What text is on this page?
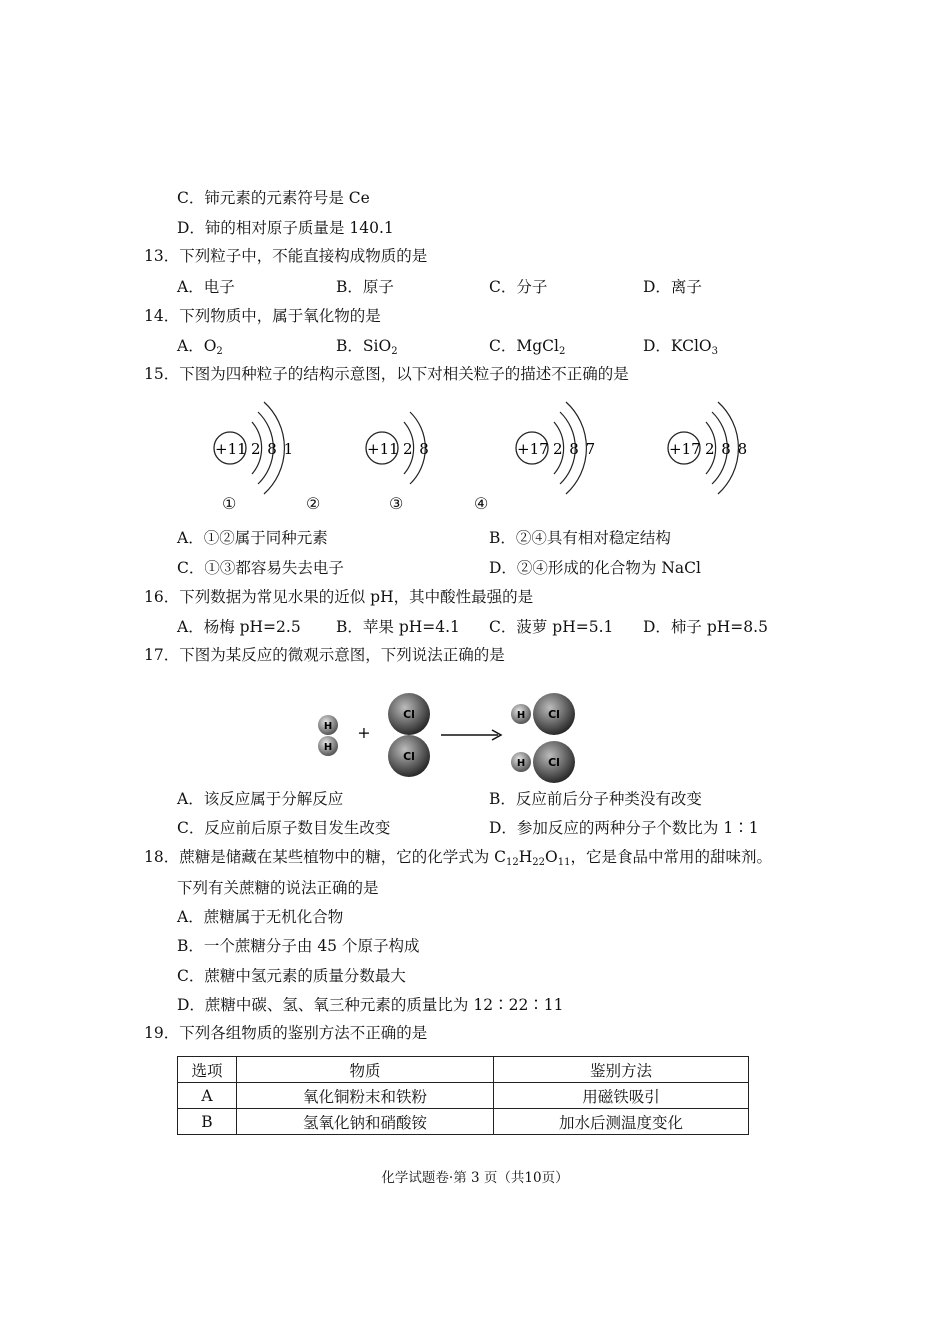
C．铈元素的元素符号是 Ce
D．铈的相对原子质量是 140.1
13．下列粒子中，不能直接构成物质的是
A．电子	B．原子	C．分子	D．离子
14．下列物质中，属于氧化物的是
A．$O_2$	B．SiO$_2$	C．MgCl$_2$	D．KClO$_3$
15．下图为四种粒子的结构示意图，以下对相关粒子的描述不正确的是
+11 2 8 1	+11 2 8	+17 2 8 7	+17 2 8 8
①	②	③	④
A．①②属于同种元素	B．②④具有相对稳定结构
C．①③都容易失去电子	D．②④形成的化合物为 NaCl
16．下列数据为常见水果的近似 pH，其中酸性最强的是
A．杨梅 pH=2.5 B．苹果 pH=4.1 C．菠萝 pH=5.1 D．柿子 pH=8.5
17．下图为某反应的微观示意图，下列说法正确的是
H
H
+
Cl
Cl
H Cl
H Cl
A．该反应属于分解反应	B．反应前后分子种类没有改变
C．反应前后原子数目发生改变	D．参加反应的两种分子个数比为 1∶1
18．蔗糖是储藏在某些植物中的糖，它的化学式为 $C_{12}H_{22}O_{11}$，它是食品中常用的甜味剂。
下列有关蔗糖的说法正确的是
A．蔗糖属于无机化合物
B．一个蔗糖分子由 45 个原子构成
C．蔗糖中氢元素的质量分数最大
D．蔗糖中碳、氢、氧三种元素的质量比为 12∶22∶11
19．下列各组物质的鉴别方法不正确的是
选项	物质	鉴别方法
A	氧化铜粉末和铁粉	用磁铁吸引
B	氢氧化钠和硝酸铵	加水后测温度变化
化学试题卷·第 3 页（共10页）
